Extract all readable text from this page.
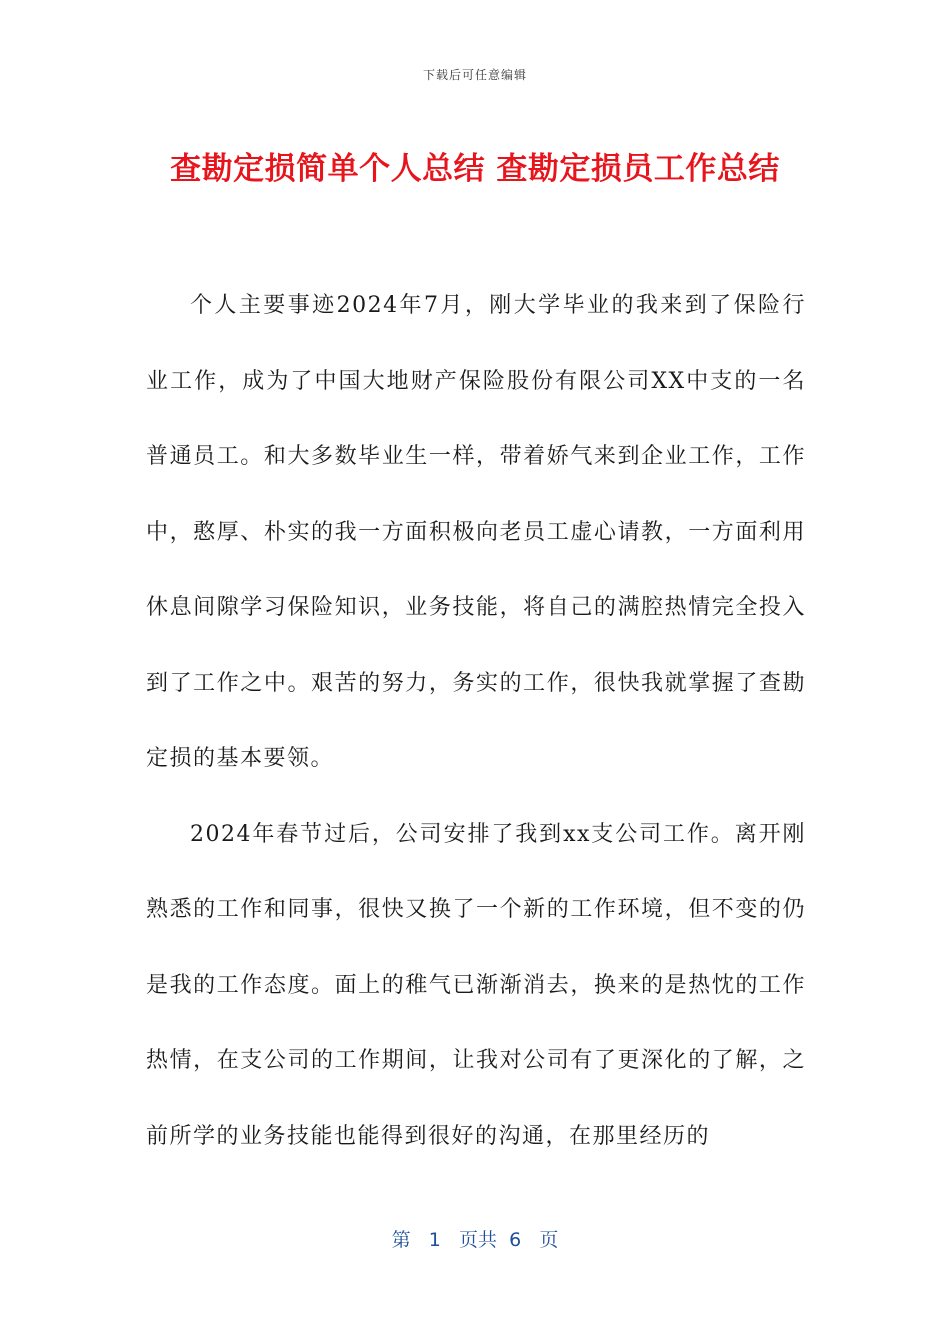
下载后可任意编辑
查勘定损简单个人总结 查勘定损员工作总结

个人主要事迹2024年7月，刚大学毕业的我来到了保险行业工作，成为了中国大地财产保险股份有限公司XX中支的一名普通员工。和大多数毕业生一样，带着娇气来到企业工作，工作中，憨厚、朴实的我一方面积极向老员工虚心请教，一方面利用休息间隙学习保险知识，业务技能，将自己的满腔热情完全投入到了工作之中。艰苦的努力，务实的工作，很快我就掌握了查勘定损的基本要领。

2024年春节过后，公司安排了我到xx支公司工作。离开刚熟悉的工作和同事，很快又换了一个新的工作环境，但不变的仍是我的工作态度。面上的稚气已渐渐消去，换来的是热忱的工作热情，在支公司的工作期间，让我对公司有了更深化的了解，之前所学的业务技能也能得到很好的沟通，在那里经历的

第 1 页共 6 页
